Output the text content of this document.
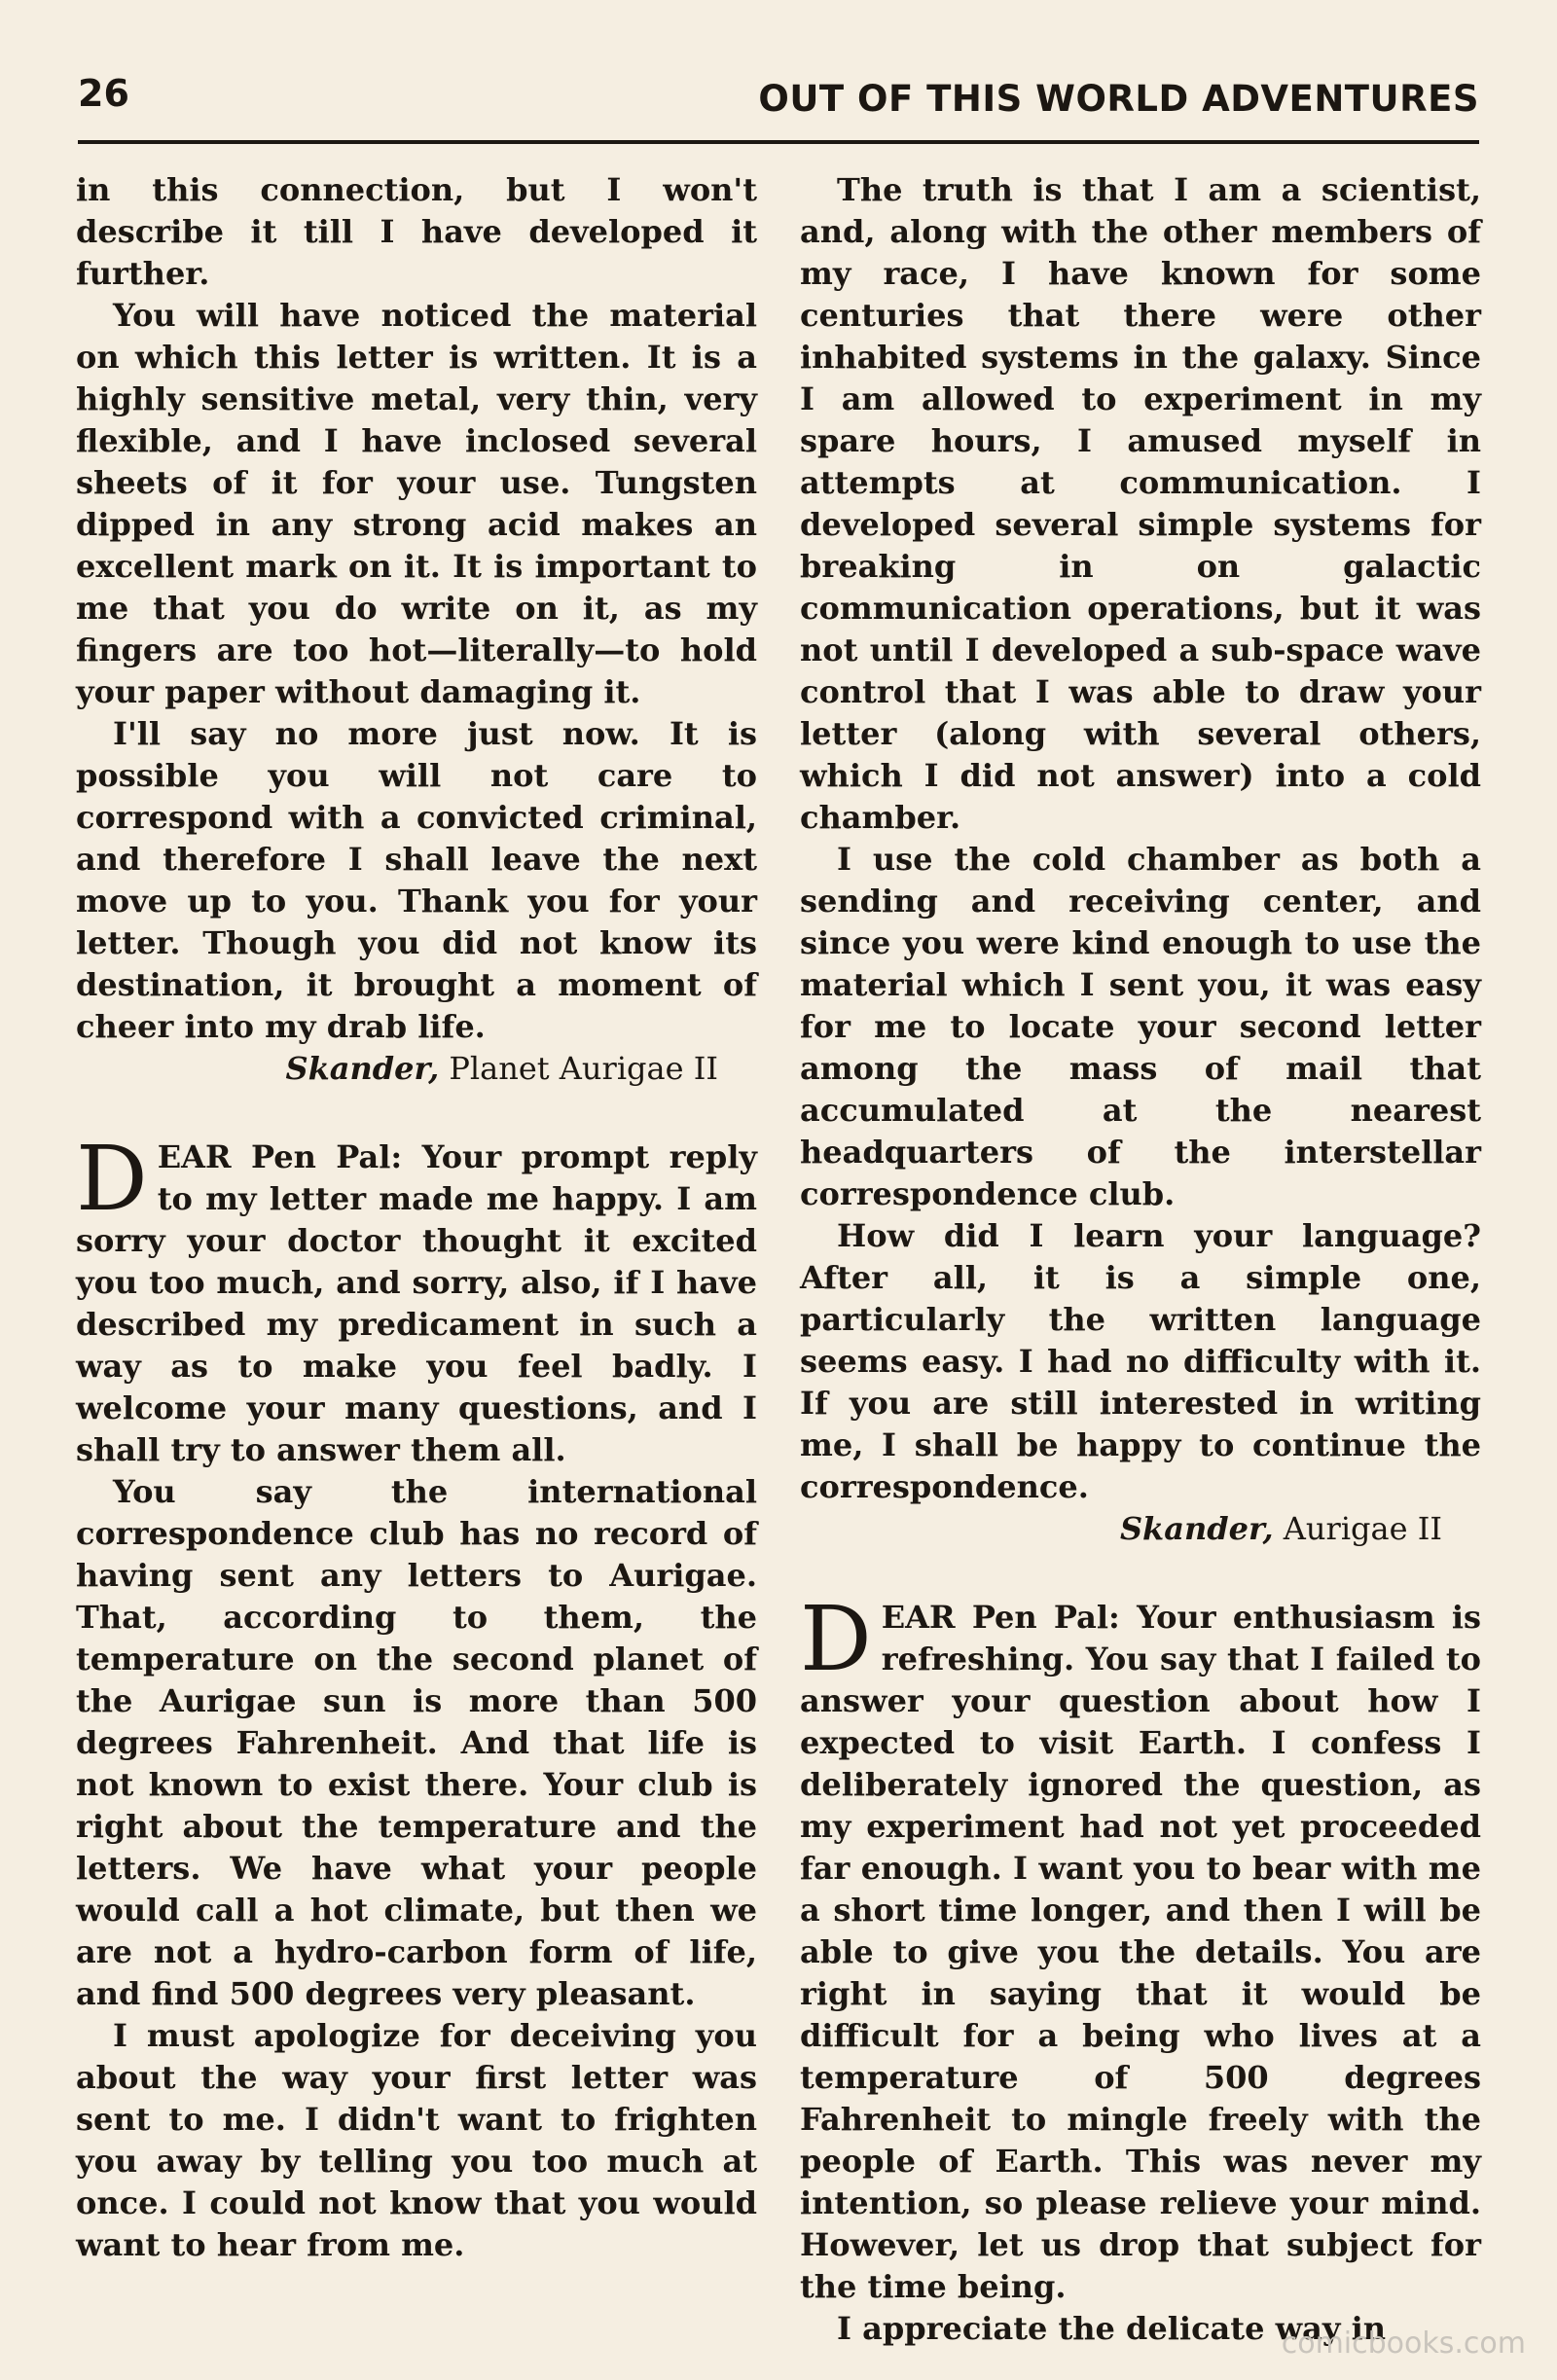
26	OUT OF THIS WORLD ADVENTURES

in this connection, but I won't describe it till I have developed it further.

You will have noticed the material on which this letter is written. It is a highly sensitive metal, very thin, very flexible, and I have inclosed several sheets of it for your use. Tungsten dipped in any strong acid makes an excellent mark on it. It is important to me that you do write on it, as my fingers are too hot—literally—to hold your paper without damaging it.

I'll say no more just now. It is possible you will not care to correspond with a convicted criminal, and therefore I shall leave the next move up to you. Thank you for your letter. Though you did not know its destination, it brought a moment of cheer into my drab life.

Skander, Planet Aurigae II

DEAR Pen Pal: Your prompt reply to my letter made me happy. I am sorry your doctor thought it excited you too much, and sorry, also, if I have described my predicament in such a way as to make you feel badly. I welcome your many questions, and I shall try to answer them all.

You say the international correspondence club has no record of having sent any letters to Aurigae. That, according to them, the temperature on the second planet of the Aurigae sun is more than 500 degrees Fahrenheit. And that life is not known to exist there. Your club is right about the temperature and the letters. We have what your people would call a hot climate, but then we are not a hydro-carbon form of life, and find 500 degrees very pleasant.

I must apologize for deceiving you about the way your first letter was sent to me. I didn't want to frighten you away by telling you too much at once. I could not know that you would want to hear from me.

The truth is that I am a scientist, and, along with the other members of my race, I have known for some centuries that there were other inhabited systems in the galaxy. Since I am allowed to experiment in my spare hours, I amused myself in attempts at communication. I developed several simple systems for breaking in on galactic communication operations, but it was not until I developed a sub-space wave control that I was able to draw your letter (along with several others, which I did not answer) into a cold chamber.

I use the cold chamber as both a sending and receiving center, and since you were kind enough to use the material which I sent you, it was easy for me to locate your second letter among the mass of mail that accumulated at the nearest headquarters of the interstellar correspondence club.

How did I learn your language? After all, it is a simple one, particularly the written language seems easy. I had no difficulty with it. If you are still interested in writing me, I shall be happy to continue the correspondence.

Skander, Aurigae II

DEAR Pen Pal: Your enthusiasm is refreshing. You say that I failed to answer your question about how I expected to visit Earth. I confess I deliberately ignored the question, as my experiment had not yet proceeded far enough. I want you to bear with me a short time longer, and then I will be able to give you the details. You are right in saying that it would be difficult for a being who lives at a temperature of 500 degrees Fahrenheit to mingle freely with the people of Earth. This was never my intention, so please relieve your mind. However, let us drop that subject for the time being.

I appreciate the delicate way in

comicbooks.com
